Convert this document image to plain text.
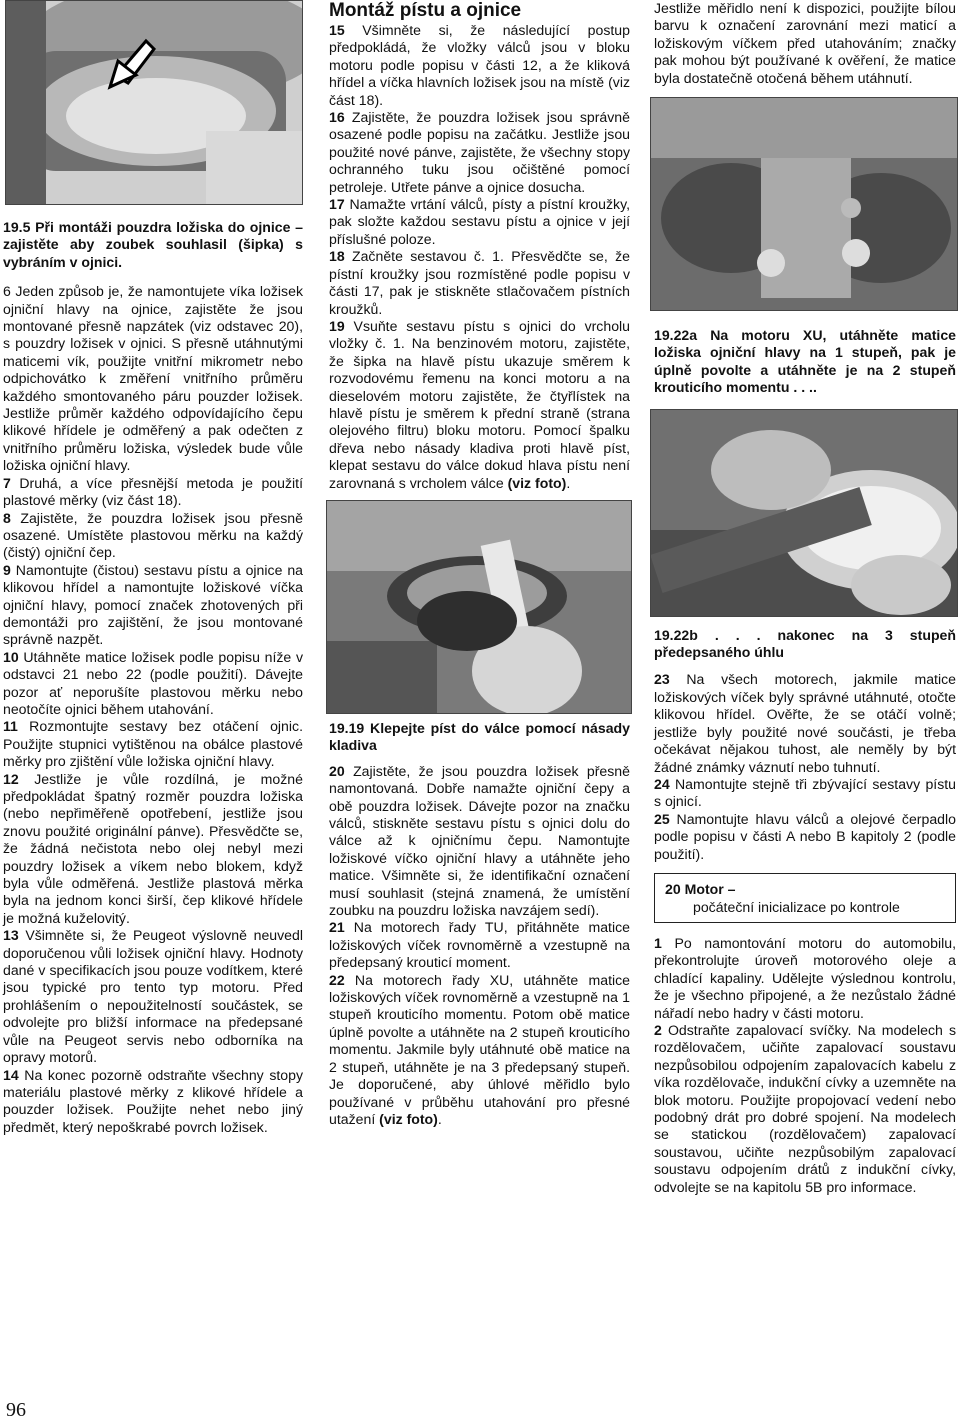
19.5 Při montáži pouzdra ložiska do ojnice – zajistěte aby zoubek souhlasil (šipka) s vybráním v ojnici.

6 Jeden způsob je, že namontujete víka ložisek ojniční hlavy na ojnice, zajistěte že jsou montované přesně napzátek (viz odstavec 20), s pouzdry ložisek v ojnici. S přesně utáhnutými maticemi vík, použijte vnitřní mikrometr nebo odpichovátko k změření vnitřního průměru každého smontovaného páru pouzder ložisek. Jestliže průměr každého odpovídajícího čepu klikové hřídele je odměřený a pak odečten z vnitřního průměru ložiska, výsledek bude vůle ložiska ojniční hlavy.

7 Druhá, a více přesnější metoda je použití plastové měrky (viz část 18).

8 Zajistěte, že pouzdra ložisek jsou přesně osazené. Umístěte plastovou měrku na každý (čistý) ojniční čep.

9 Namontujte (čistou) sestavu pístu a ojnice na klikovou hřídel a namontujte ložiskové víčka ojniční hlavy, pomocí značek zhotovených při demontáži pro zajištění, že jsou montované správně nazpět.

10 Utáhněte matice ložisek podle popisu níže v odstavci 21 nebo 22 (podle použití). Dávejte pozor ať neporušíte plastovou měrku nebo neotočíte ojnici během utahování.

11 Rozmontujte sestavy bez otáčení ojnic. Použijte stupnici vytištěnou na obálce plastové měrky pro zjištění vůle ložiska ojniční hlavy.

12 Jestliže je vůle rozdílná, je možné předpokládat špatný rozměr pouzdra ložiska (nebo nepřiměřeně opotřebení, jestliže jsou znovu použité originální pánve). Přesvědčte se, že žádná nečistota nebo olej nebyl mezi pouzdry ložisek a víkem nebo blokem, když byla vůle odměřená. Jestliže plastová měrka byla na jednom konci širší, čep klikové hřídele je možná kuželovitý.

13 Všimněte si, že Peugeot výslovně neuvedl doporučenou vůli ložisek ojniční hlavy. Hodnoty dané v specifikacích jsou pouze vodítkem, které jsou typické pro tento typ motoru. Před prohlášením o nepoužitelností součástek, se odvolejte pro bližší informace na předepsané vůle na Peugeot servis nebo odborníka na opravy motorů.

14 Na konec pozorně odstraňte všechny stopy materiálu plastové měrky z klikové hřídele a pouzder ložisek. Použijte nehet nebo jiný předmět, který nepoškrabé povrch ložisek.

Montáž pístu a ojnice

15 Všimněte si, že následující postup předpokládá, že vložky válců jsou v bloku motoru podle popisu v části 12, a že kliková hřídel a víčka hlavních ložisek jsou na místě (viz část 18).

16 Zajistěte, že pouzdra ložisek jsou správně osazené podle popisu na začátku. Jestliže jsou použité nové pánve, zajistěte, že všechny stopy ochranného tuku jsou očištěné pomocí petroleje. Utřete pánve a ojnice dosucha.

17 Namažte vrtání válců, písty a pístní kroužky, pak složte každou sestavu pístu a ojnice v její příslušné poloze.

18 Začněte sestavou č. 1. Přesvědčte se, že pístní kroužky jsou rozmístěné podle popisu v části 17, pak je stiskněte stlačovačem pístních kroužků.

19 Vsuňte sestavu pístu s ojnici do vrcholu vložky č. 1. Na benzinovém motoru, zajistěte, že šipka na hlavě pístu ukazuje směrem k rozvodovému řemenu na konci motoru a na dieselovém motoru zajistěte, že čtyřlístek na hlavě pístu je směrem k přední straně (strana olejového filtru) bloku motoru. Pomocí špalku dřeva nebo násady kladiva proti hlavě píst, klepat sestavu do válce dokud hlava pístu není zarovnaná s vrcholem válce (viz foto).

19.19 Klepejte píst do válce pomocí násady kladiva

20 Zajistěte, že jsou pouzdra ložisek přesně namontovaná. Dobře namažte ojniční čepy a obě pouzdra ložisek. Dávejte pozor na značku válců, stiskněte sestavu pístu s ojnici dolu do válce až k ojničnímu čepu. Namontujte ložiskové víčko ojniční hlavy a utáhněte jeho matice. Všimněte si, že identifikační označení musí souhlasit (stejná znamená, že umístění zoubku na pouzdru ložiska navzájem sedí).

21 Na motorech řady TU, přitáhněte matice ložiskových víček rovnoměrně a vzestupně na předepsaný krouticí moment.

22 Na motorech řady XU, utáhněte matice ložiskových víček rovnoměrně a vzestupně na 1 stupeň krouticího momentu. Potom obě matice úplně povolte a utáhněte na 2 stupeň krouticího momentu. Jakmile byly utáhnuté obě matice na 2 stupeň, utáhněte je na 3 předepsaný stupeň. Je doporučené, aby úhlové měřidlo bylo používané v průběhu utahování pro přesné utažení (viz foto).

Jestliže měřidlo není k dispozici, použijte bílou barvu k označení zarovnání mezi maticí a ložiskovým víčkem před utahováním; značky pak mohou být používané k ověření, že matice byla dostatečně otočená během utáhnutí.

19.22a Na motoru XU, utáhněte matice ložiska ojniční hlavy na 1 stupeň, pak je úplně povolte a utáhněte je na 2 stupeň krouticího momentu . . ..

19.22b . . . nakonec na 3 stupeň předepsaného úhlu

23 Na všech motorech, jakmile matice ložiskových víček byly správné utáhnuté, otočte klikovou hřídel. Ověřte, že se otáčí volně; jestliže byly použité nové součásti, je třeba očekávat nějakou tuhost, ale neměly by být žádné známky váznutí nebo tuhnutí.

24 Namontujte stejně tři zbývající sestavy pístu s ojnicí.

25 Namontujte hlavu válců a olejové čerpadlo podle popisu v části A nebo B kapitoly 2 (podle použití).

20 Motor –
počáteční inicializace po kontrole

1 Po namontování motoru do automobilu, překontrolujte úroveň motorového oleje a chladící kapaliny. Udělejte výslednou kontrolu, že je všechno připojené, a že nezůstalo žádné nářadí nebo hadry v části motoru.

2 Odstraňte zapalovací svíčky. Na modelech s rozdělovačem, učiňte zapalovací soustavu nezpůsobilou odpojením zapalovacích kabelu z víka rozdělovače, indukční cívky a uzemněte na blok motoru. Použijte propojovací vedení nebo podobný drát pro dobré spojení. Na modelech se statickou (rozdělovačem) zapalovací soustavou, učiňte nezpůsobilým zapalovací soustavu odpojením drátů z indukční cívky, odvolejte se na kapitolu 5B pro informace.

96
